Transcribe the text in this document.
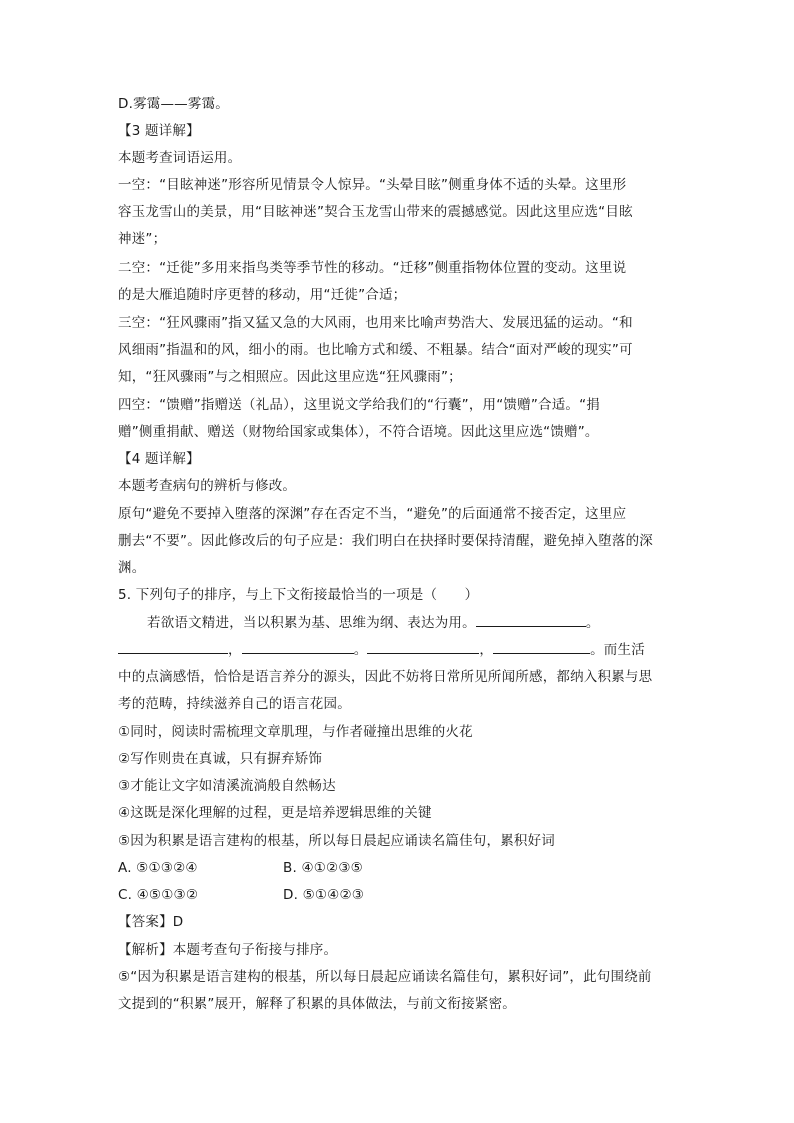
D.雾霭——雾霭。
【3 题详解】
本题考查词语运用。
一空：“目眩神迷”形容所见情景令人惊异。“头晕目眩”侧重身体不适的头晕。这里形
容玉龙雪山的美景，用“目眩神迷”契合玉龙雪山带来的震撼感觉。因此这里应选“目眩
神迷”；
二空：“迁徙”多用来指鸟类等季节性的移动。“迁移”侧重指物体位置的变动。这里说
的是大雁追随时序更替的移动，用“迁徙”合适；
三空：“狂风骤雨”指又猛又急的大风雨，也用来比喻声势浩大、发展迅猛的运动。“和
风细雨”指温和的风，细小的雨。也比喻方式和缓、不粗暴。结合“面对严峻的现实”可
知，“狂风骤雨”与之相照应。因此这里应选“狂风骤雨”；
四空：“馈赠”指赠送（礼品），这里说文学给我们的“行囊”，用“馈赠”合适。“捐
赠”侧重捐献、赠送（财物给国家或集体），不符合语境。因此这里应选“馈赠”。
【4 题详解】
本题考查病句的辨析与修改。
原句“避免不要掉入堕落的深渊”存在否定不当，“避免”的后面通常不接否定，这里应
删去“不要”。因此修改后的句子应是：我们明白在抉择时要保持清醒，避免掉入堕落的深
渊。
5. 下列句子的排序，与上下文衔接最恰当的一项是（　　）
若欲语文精进，当以积累为基、思维为纲、表达为用。	。
，	。	，	。而生活
中的点滴感悟，恰恰是语言养分的源头，因此不妨将日常所见所闻所感，都纳入积累与思
考的范畴，持续滋养自己的语言花园。
①同时，阅读时需梳理文章肌理，与作者碰撞出思维的火花
②写作则贵在真诚，只有摒弃矫饰
③才能让文字如清溪流淌般自然畅达
④这既是深化理解的过程，更是培养逻辑思维的关键
⑤因为积累是语言建构的根基，所以每日晨起应诵读名篇佳句，累积好词
A. ⑤①③②④	B. ④①②③⑤
C. ④⑤①③②	D. ⑤①④②③
【答案】D
【解析】本题考查句子衔接与排序。
⑤“因为积累是语言建构的根基，所以每日晨起应诵读名篇佳句，累积好词”，此句围绕前
文提到的“积累”展开，解释了积累的具体做法，与前文衔接紧密。
